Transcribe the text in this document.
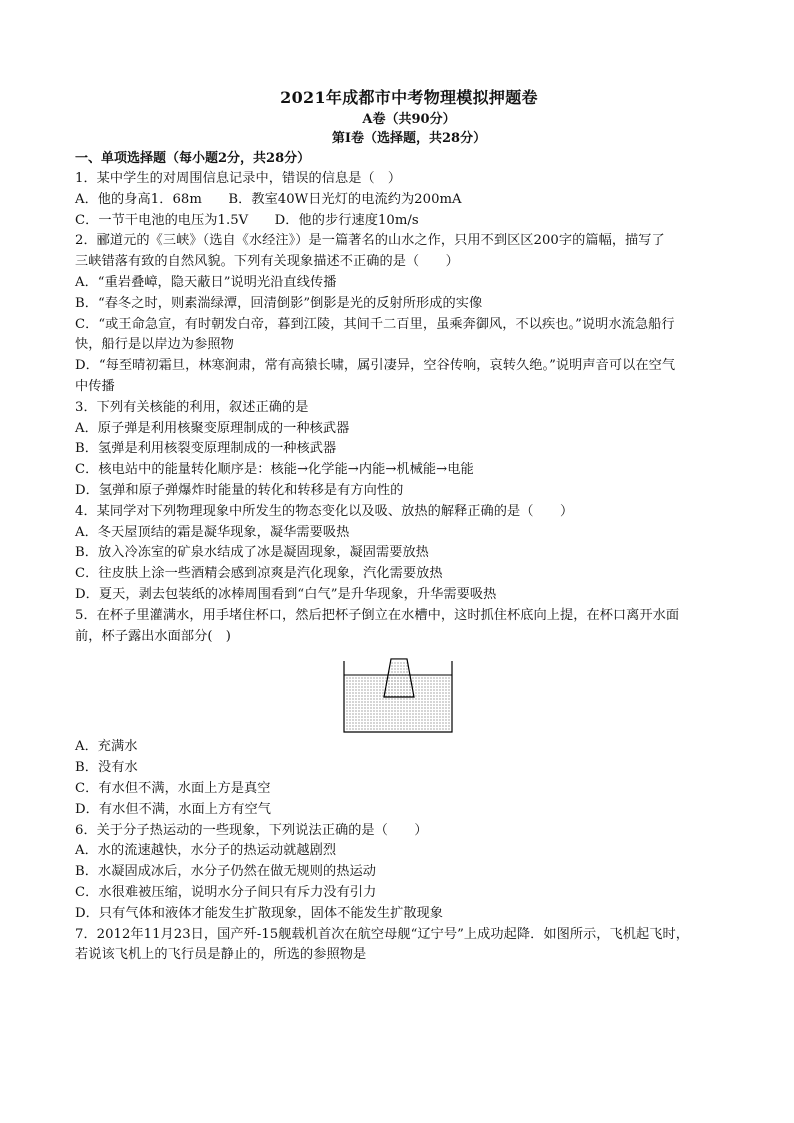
2021年成都市中考物理模拟押题卷
A卷（共90分）
第Ⅰ卷（选择题，共28分）
一、单项选择题（每小题2分，共28分）
1．某中学生的对周围信息记录中，错误的信息是（　）
A．他的身高1．68m　　B．教室40W日光灯的电流约为200mA
C．一节干电池的电压为1.5V　　D．他的步行速度10m/s
2．郦道元的《三峡》（选自《水经注》）是一篇著名的山水之作，只用不到区区200字的篇幅，描写了
三峡错落有致的自然风貌。下列有关现象描述不正确的是（　　）
A．“重岩叠嶂，隐天蔽日”说明光沿直线传播
B．“春冬之时，则素湍绿潭，回清倒影”倒影是光的反射所形成的实像
C．“或王命急宣，有时朝发白帝，暮到江陵，其间千二百里，虽乘奔御风，不以疾也。”说明水流急船行
快，船行是以岸边为参照物
D．“每至晴初霜旦，林寒涧肃，常有高猿长啸，属引凄异，空谷传响，哀转久绝。”说明声音可以在空气
中传播
3．下列有关核能的利用，叙述正确的是
A．原子弹是利用核聚变原理制成的一种核武器
B．氢弹是利用核裂变原理制成的一种核武器
C．核电站中的能量转化顺序是：核能→化学能→内能→机械能→电能
D．氢弹和原子弹爆炸时能量的转化和转移是有方向性的
4．某同学对下列物理现象中所发生的物态变化以及吸、放热的解释正确的是（　　）
A．冬天屋顶结的霜是凝华现象，凝华需要吸热
B．放入冷冻室的矿泉水结成了冰是凝固现象，凝固需要放热
C．往皮肤上涂一些酒精会感到凉爽是汽化现象，汽化需要放热
D．夏天，剥去包装纸的冰棒周围看到“白气”是升华现象，升华需要吸热
5．在杯子里灌满水，用手堵住杯口，然后把杯子倒立在水槽中，这时抓住杯底向上提，在杯口离开水面
前，杯子露出水面部分(　)
A．充满水
B．没有水
C．有水但不满，水面上方是真空
D．有水但不满，水面上方有空气
6．关于分子热运动的一些现象，下列说法正确的是（　　）
A．水的流速越快，水分子的热运动就越剧烈
B．水凝固成冰后，水分子仍然在做无规则的热运动
C．水很难被压缩，说明水分子间只有斥力没有引力
D．只有气体和液体才能发生扩散现象，固体不能发生扩散现象
7．2012年11月23日，国产歼-15舰载机首次在航空母舰“辽宁号”上成功起降．如图所示，飞机起飞时，
若说该飞机上的飞行员是静止的，所选的参照物是
